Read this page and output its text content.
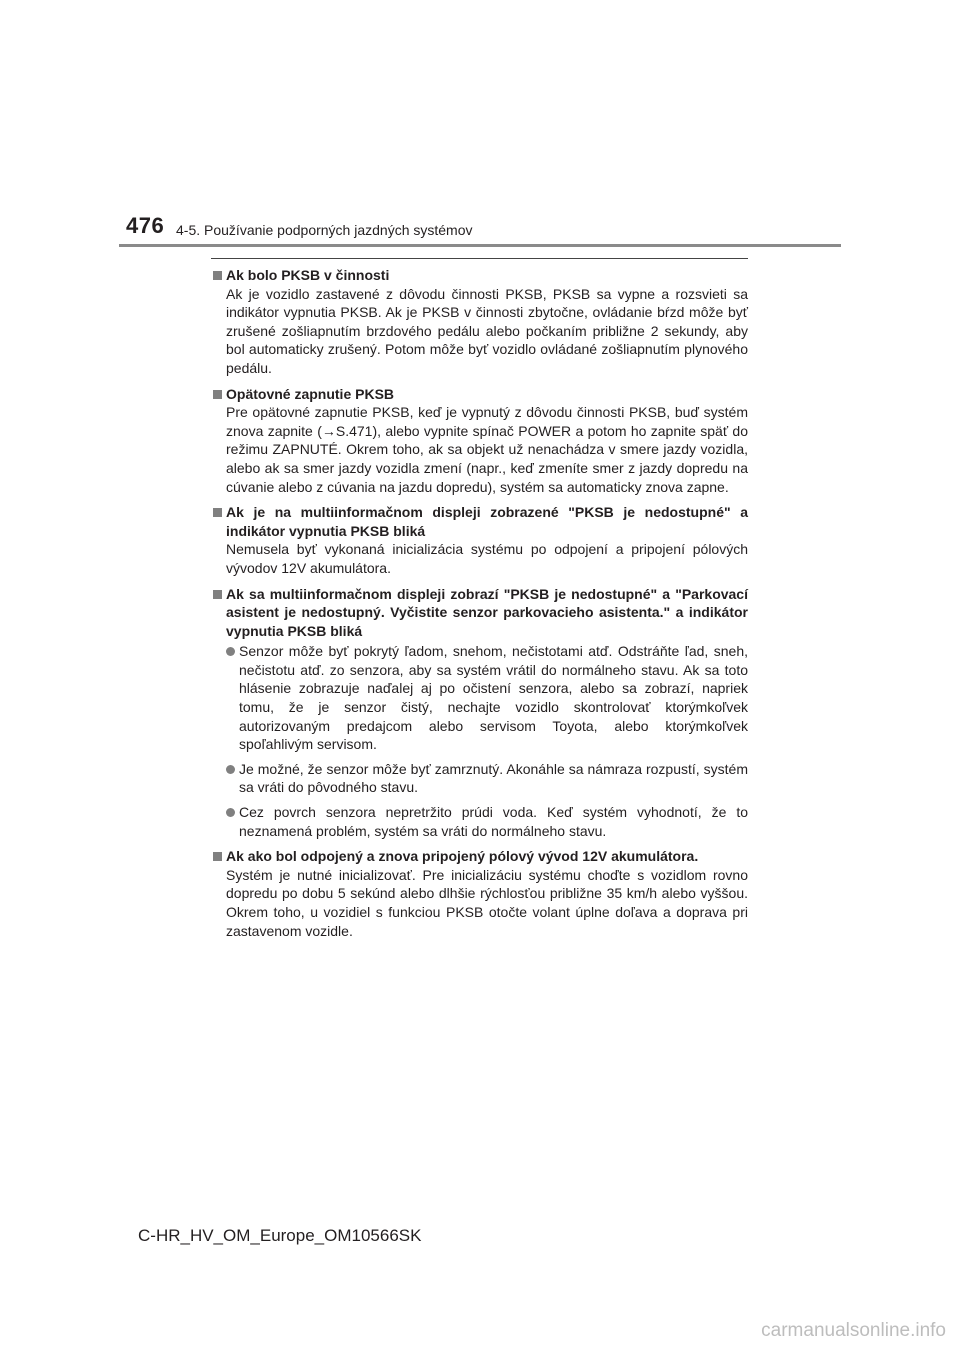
476 4-5. Používanie podporných jazdných systémov
Ak bolo PKSB v činnosti
Ak je vozidlo zastavené z dôvodu činnosti PKSB, PKSB sa vypne a rozsvieti sa indikátor vypnutia PKSB. Ak je PKSB v činnosti zbytočne, ovládanie bŕzd môže byť zrušené zošliapnutím brzdového pedálu alebo počkaním približne 2 sekundy, aby bol automaticky zrušený. Potom môže byť vozidlo ovládané zošliapnutím plynového pedálu.
Opätovné zapnutie PKSB
Pre opätovné zapnutie PKSB, keď je vypnutý z dôvodu činnosti PKSB, buď systém znova zapnite (→S.471), alebo vypnite spínač POWER a potom ho zapnite späť do režimu ZAPNUTÉ. Okrem toho, ak sa objekt už nenachádza v smere jazdy vozidla, alebo ak sa smer jazdy vozidla zmení (napr., keď zmeníte smer z jazdy dopredu na cúvanie alebo z cúvania na jazdu dopredu), systém sa automaticky znova zapne.
Ak je na multiinformačnom displeji zobrazené "PKSB je nedostupné" a indikátor vypnutia PKSB bliká
Nemusela byť vykonaná inicializácia systému po odpojení a pripojení pólových vývodov 12V akumulátora.
Ak sa multiinformačnom displeji zobrazí "PKSB je nedostupné" a "Parkovací asistent je nedostupný. Vyčistite senzor parkovacieho asistenta." a indikátor vypnutia PKSB bliká
Senzor môže byť pokrytý ľadom, snehom, nečistotami atď. Odstráňte ľad, sneh, nečistotu atď. zo senzora, aby sa systém vrátil do normálneho stavu. Ak sa toto hlásenie zobrazuje naďalej aj po očistení senzora, alebo sa zobrazí, napriek tomu, že je senzor čistý, nechajte vozidlo skontrolovať ktorýmkoľvek autorizovaným predajcom alebo servisom Toyota, alebo ktorýmkoľvek spoľahlivým servisom.
Je možné, že senzor môže byť zamrznutý. Akonáhle sa námraza rozpustí, systém sa vráti do pôvodného stavu.
Cez povrch senzora nepretržito prúdi voda. Keď systém vyhodnotí, že to neznamená problém, systém sa vráti do normálneho stavu.
Ak ako bol odpojený a znova pripojený pólový vývod 12V akumulátora.
Systém je nutné inicializovať. Pre inicializáciu systému choďte s vozidlom rovno dopredu po dobu 5 sekúnd alebo dlhšie rýchlosťou približne 35 km/h alebo vyššou. Okrem toho, u vozidiel s funkciou PKSB otočte volant úplne doľava a doprava pri zastavenom vozidle.
C-HR_HV_OM_Europe_OM10566SK
carmanualsonline.info
